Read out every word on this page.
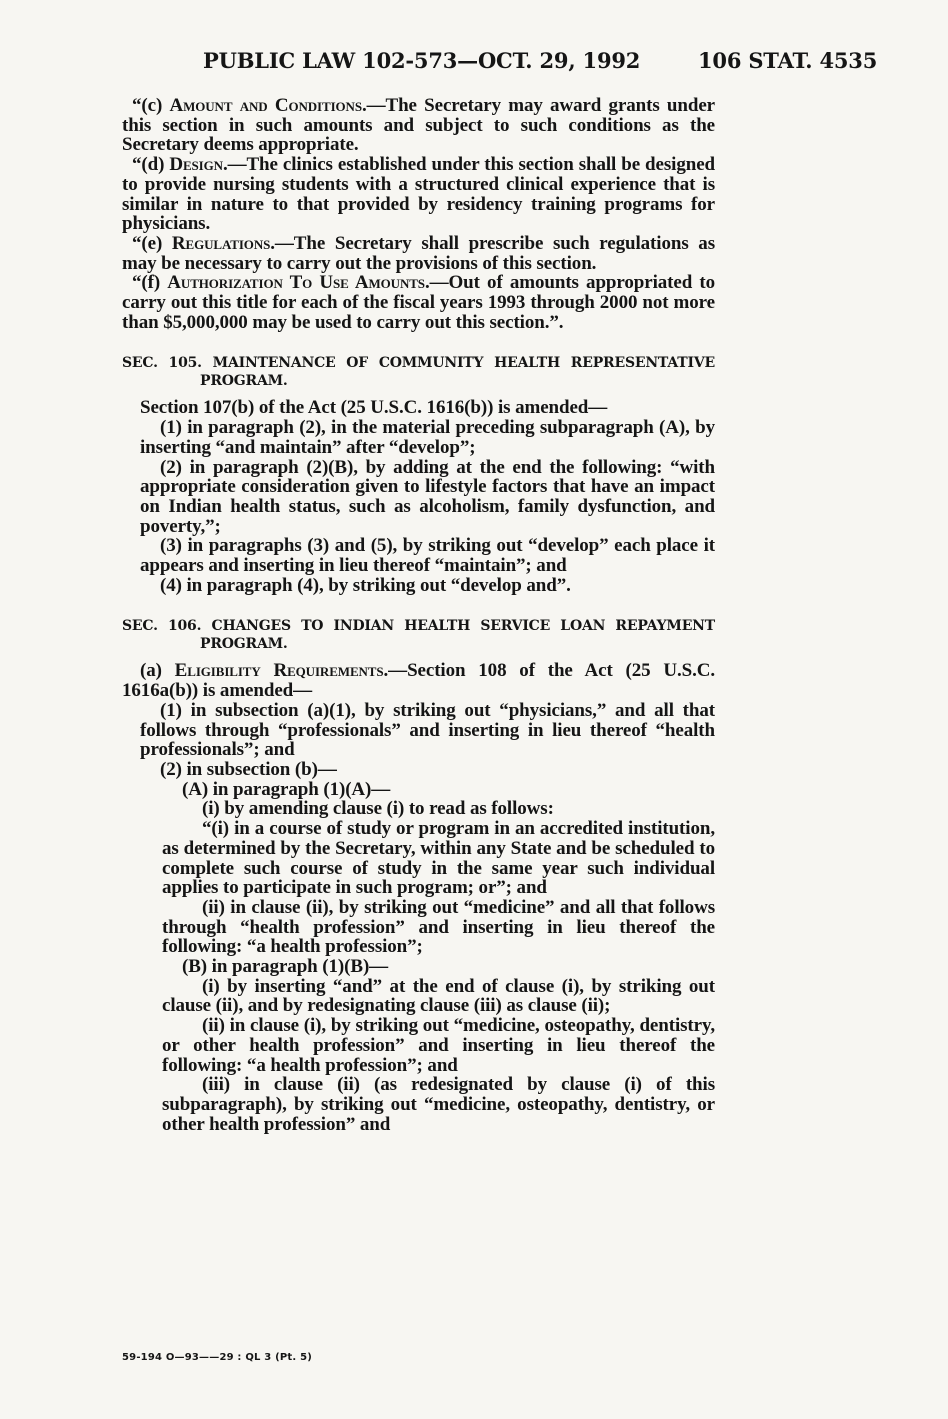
PUBLIC LAW 102-573—OCT. 29, 1992	106 STAT. 4535

“(c) Amount and Conditions.—The Secretary may award grants under this section in such amounts and subject to such conditions as the Secretary deems appropriate.

“(d) Design.—The clinics established under this section shall be designed to provide nursing students with a structured clinical experience that is similar in nature to that provided by residency training programs for physicians.

“(e) Regulations.—The Secretary shall prescribe such regulations as may be necessary to carry out the provisions of this section.

“(f) Authorization To Use Amounts.—Out of amounts appropriated to carry out this title for each of the fiscal years 1993 through 2000 not more than $5,000,000 may be used to carry out this section.”.

SEC. 105. MAINTENANCE OF COMMUNITY HEALTH REPRESENTATIVE PROGRAM.

Section 107(b) of the Act (25 U.S.C. 1616(b)) is amended—

(1) in paragraph (2), in the material preceding subparagraph (A), by inserting “and maintain” after “develop”;

(2) in paragraph (2)(B), by adding at the end the following: “with appropriate consideration given to lifestyle factors that have an impact on Indian health status, such as alcoholism, family dysfunction, and poverty,”;

(3) in paragraphs (3) and (5), by striking out “develop” each place it appears and inserting in lieu thereof “maintain”; and

(4) in paragraph (4), by striking out “develop and”.

SEC. 106. CHANGES TO INDIAN HEALTH SERVICE LOAN REPAYMENT PROGRAM.

(a) Eligibility Requirements.—Section 108 of the Act (25 U.S.C. 1616a(b)) is amended—

(1) in subsection (a)(1), by striking out “physicians,” and all that follows through “professionals” and inserting in lieu thereof “health professionals”; and

(2) in subsection (b)—

(A) in paragraph (1)(A)—

(i) by amending clause (i) to read as follows:

“(i) in a course of study or program in an accredited institution, as determined by the Secretary, within any State and be scheduled to complete such course of study in the same year such individual applies to participate in such program; or”; and

(ii) in clause (ii), by striking out “medicine” and all that follows through “health profession” and inserting in lieu thereof the following: “a health profession”;

(B) in paragraph (1)(B)—

(i) by inserting “and” at the end of clause (i), by striking out clause (ii), and by redesignating clause (iii) as clause (ii);

(ii) in clause (i), by striking out “medicine, osteopathy, dentistry, or other health profession” and inserting in lieu thereof the following: “a health profession”; and

(iii) in clause (ii) (as redesignated by clause (i) of this subparagraph), by striking out “medicine, osteopathy, dentistry, or other health profession” and

59-194 O—93——29 : QL 3 (Pt. 5)
